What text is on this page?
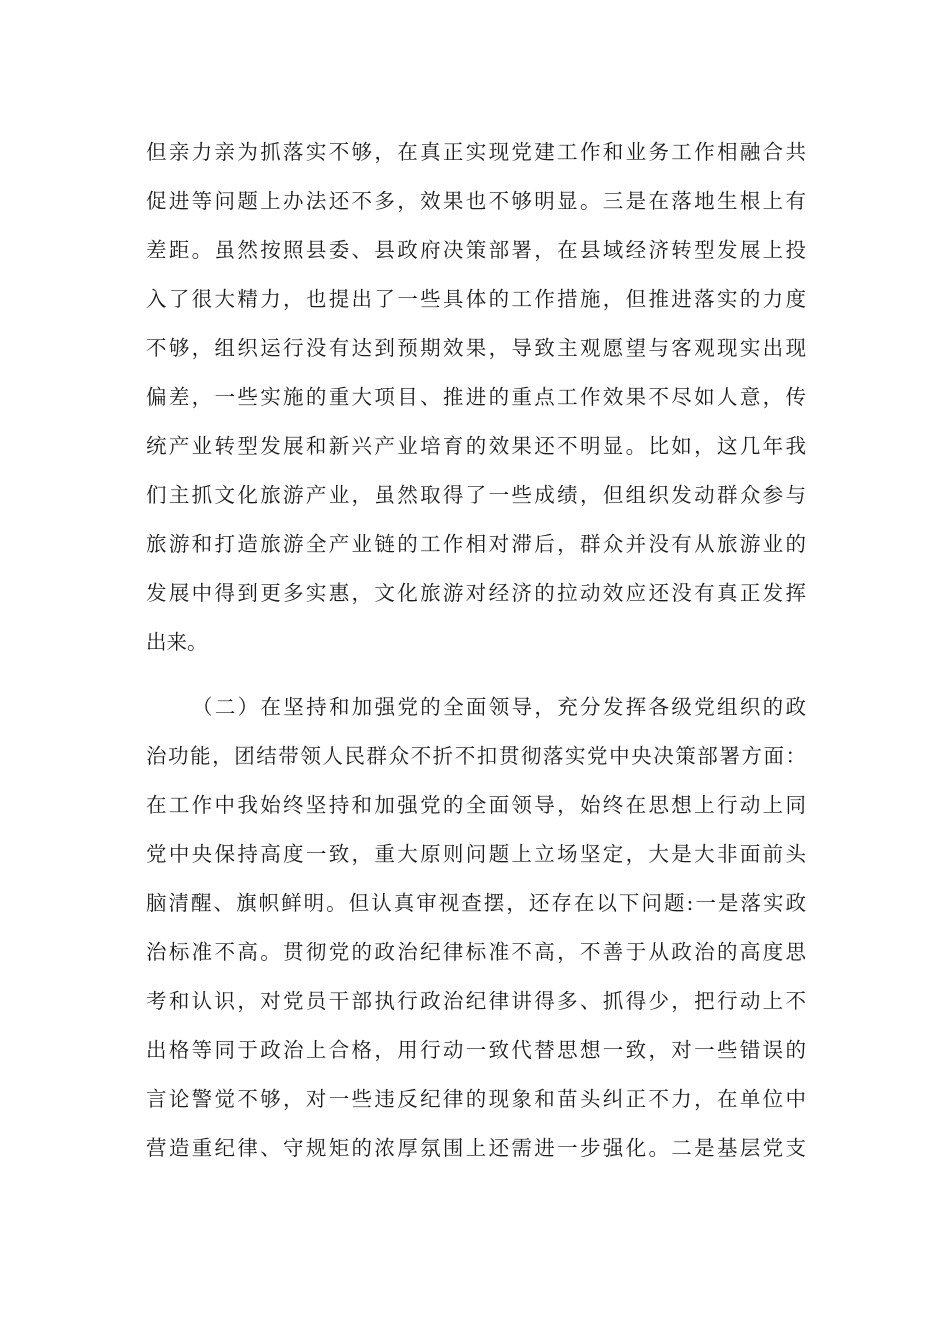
但亲力亲为抓落实不够，在真正实现党建工作和业务工作相融合共
促进等问题上办法还不多，效果也不够明显。三是在落地生根上有
差距。虽然按照县委、县政府决策部署，在县域经济转型发展上投
入了很大精力，也提出了一些具体的工作措施，但推进落实的力度
不够，组织运行没有达到预期效果，导致主观愿望与客观现实出现
偏差，一些实施的重大项目、推进的重点工作效果不尽如人意，传
统产业转型发展和新兴产业培育的效果还不明显。比如，这几年我
们主抓文化旅游产业，虽然取得了一些成绩，但组织发动群众参与
旅游和打造旅游全产业链的工作相对滞后，群众并没有从旅游业的
发展中得到更多实惠，文化旅游对经济的拉动效应还没有真正发挥
出来。
（二）在坚持和加强党的全面领导，充分发挥各级党组织的政
治功能，团结带领人民群众不折不扣贯彻落实党中央决策部署方面：
在工作中我始终坚持和加强党的全面领导，始终在思想上行动上同
党中央保持高度一致，重大原则问题上立场坚定，大是大非面前头
脑清醒、旗帜鲜明。但认真审视查摆，还存在以下问题:一是落实政
治标准不高。贯彻党的政治纪律标准不高，不善于从政治的高度思
考和认识，对党员干部执行政治纪律讲得多、抓得少，把行动上不
出格等同于政治上合格，用行动一致代替思想一致，对一些错误的
言论警觉不够，对一些违反纪律的现象和苗头纠正不力，在单位中
营造重纪律、守规矩的浓厚氛围上还需进一步强化。二是基层党支
